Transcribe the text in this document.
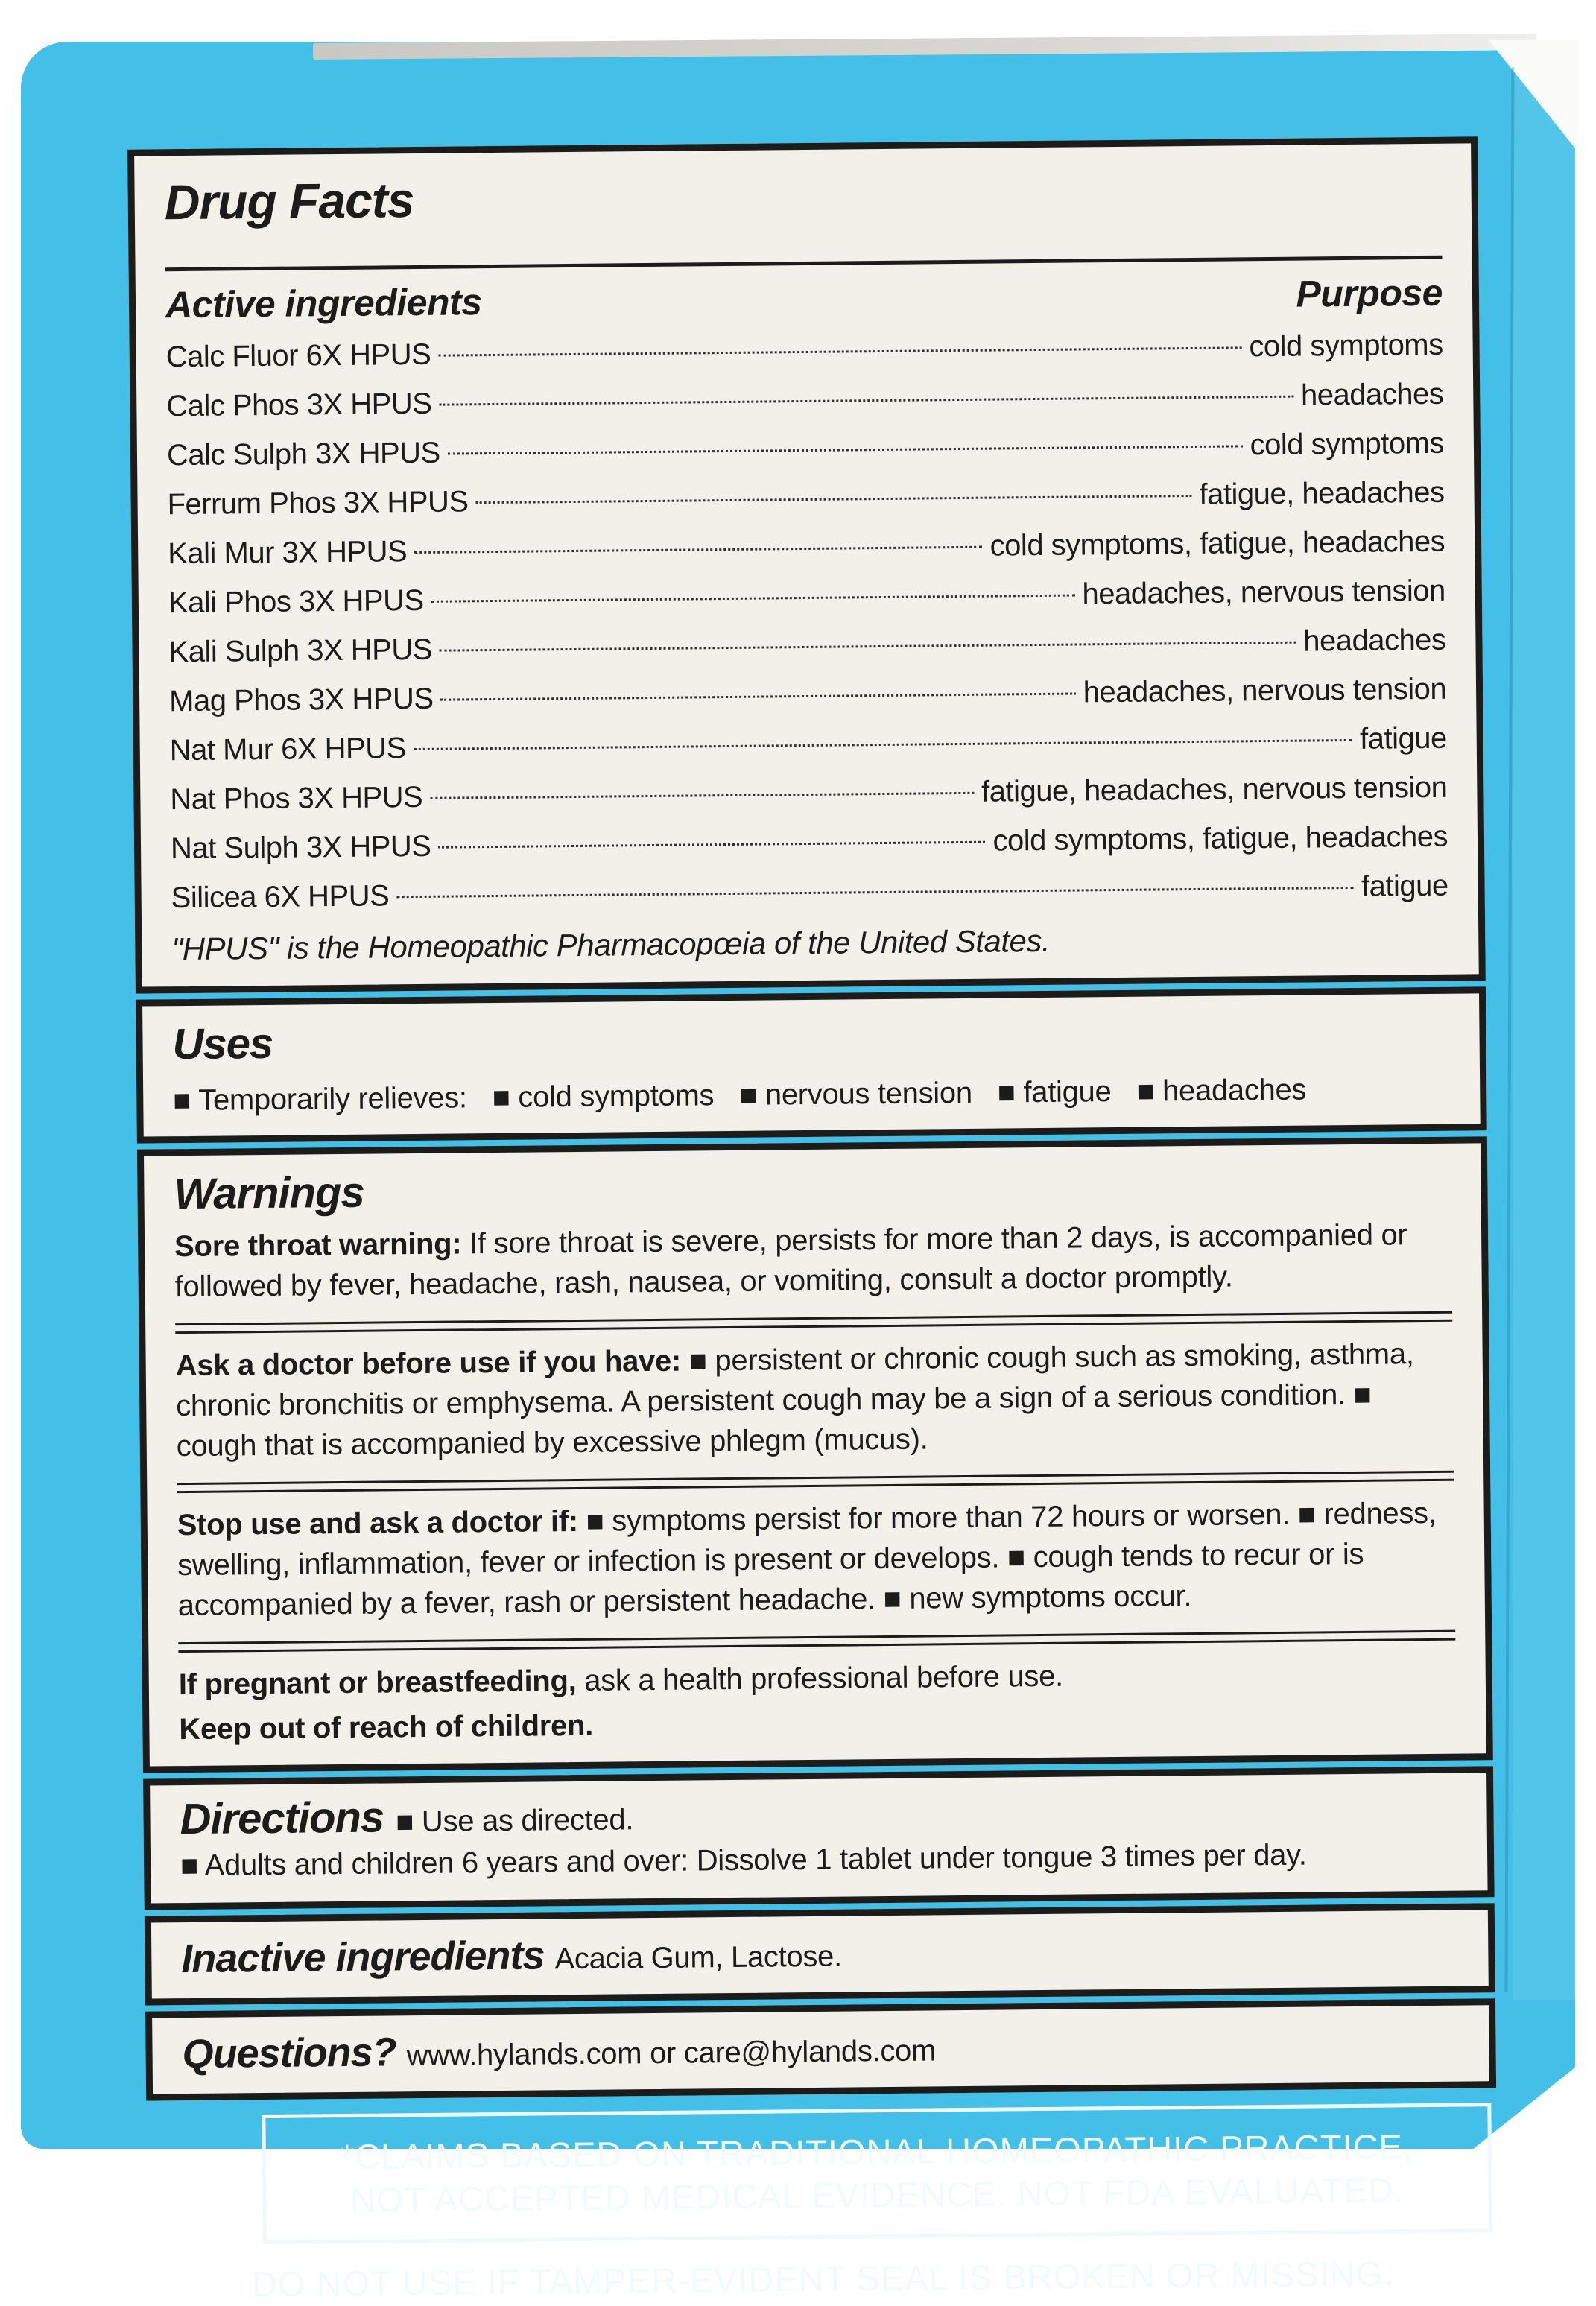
Drug Facts
Active ingredients	Purpose
Calc Fluor 6X HPUS	cold symptoms
Calc Phos 3X HPUS	headaches
Calc Sulph 3X HPUS	cold symptoms
Ferrum Phos 3X HPUS	fatigue, headaches
Kali Mur 3X HPUS	cold symptoms, fatigue, headaches
Kali Phos 3X HPUS	headaches, nervous tension
Kali Sulph 3X HPUS	headaches
Mag Phos 3X HPUS	headaches, nervous tension
Nat Mur 6X HPUS	fatigue
Nat Phos 3X HPUS	fatigue, headaches, nervous tension
Nat Sulph 3X HPUS	cold symptoms, fatigue, headaches
Silicea 6X HPUS	fatigue
"HPUS" is the Homeopathic Pharmacopœia of the United States.
Uses
■ Temporarily relieves: ■ cold symptoms ■ nervous tension ■ fatigue ■ headaches
Warnings
Sore throat warning: If sore throat is severe, persists for more than 2 days, is accompanied or followed by fever, headache, rash, nausea, or vomiting, consult a doctor promptly.
Ask a doctor before use if you have: ■ persistent or chronic cough such as smoking, asthma, chronic bronchitis or emphysema. A persistent cough may be a sign of a serious condition. ■ cough that is accompanied by excessive phlegm (mucus).
Stop use and ask a doctor if: ■ symptoms persist for more than 72 hours or worsen. ■ redness, swelling, inflammation, fever or infection is present or develops. ■ cough tends to recur or is accompanied by a fever, rash or persistent headache. ■ new symptoms occur.
If pregnant or breastfeeding, ask a health professional before use.
Keep out of reach of children.
Directions ■ Use as directed.
■ Adults and children 6 years and over: Dissolve 1 tablet under tongue 3 times per day.
Inactive ingredients Acacia Gum, Lactose.
Questions? www.hylands.com or care@hylands.com
*CLAIMS BASED ON TRADITIONAL HOMEOPATHIC PRACTICE,
NOT ACCEPTED MEDICAL EVIDENCE. NOT FDA EVALUATED.
DO NOT USE IF TAMPER-EVIDENT SEAL IS BROKEN OR MISSING.
